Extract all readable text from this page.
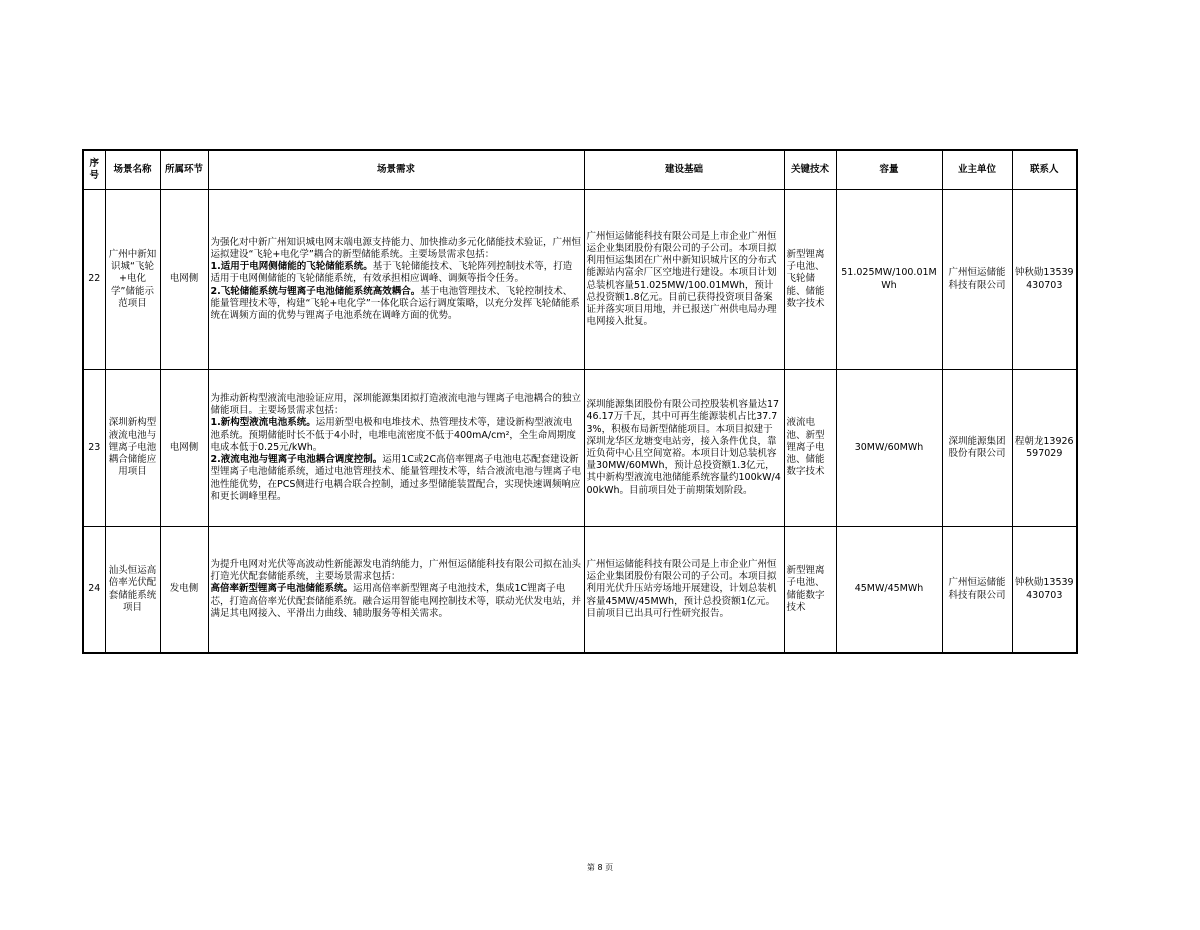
序号	场景名称	所属环节	场景需求	建设基础	关键技术	容量	业主单位	联系人
22	广州中新知识城“飞轮+电化学”储能示范项目	电网侧	为强化对中新广州知识城电网末端电源支持能力、加快推动多元化储能技术验证，广州恒运拟建设“飞轮+电化学”耦合的新型储能系统。主要场景需求包括：

1.适用于电网侧储能的飞轮储能系统。基于飞轮储能技术、飞轮阵列控制技术等，打造适用于电网侧储能的飞轮储能系统，有效承担相应调峰、调频等指令任务。

2.飞轮储能系统与锂离子电池储能系统高效耦合。基于电池管理技术、飞轮控制技术、能量管理技术等，构建“飞轮+电化学”一体化联合运行调度策略，以充分发挥飞轮储能系统在调频方面的优势与锂离子电池系统在调峰方面的优势。	广州恒运储能科技有限公司是上市企业广州恒运企业集团股份有限公司的子公司。本项目拟利用恒运集团在广州中新知识城片区的分布式能源站内富余厂区空地进行建设。本项目计划总装机容量51.025MW/100.01MWh，预计总投资额1.8亿元。目前已获得投资项目备案证并落实项目用地，并已报送广州供电局办理电网接入批复。	新型锂离子电池、飞轮储能、储能数字技术	51.025MW/100.01MWh	广州恒运储能科技有限公司	钟秋勋13539430703
23	深圳新构型液流电池与锂离子电池耦合储能应用项目	电网侧	为推动新构型液流电池验证应用，深圳能源集团拟打造液流电池与锂离子电池耦合的独立储能项目。主要场景需求包括：

1.新构型液流电池系统。运用新型电极和电堆技术、热管理技术等，建设新构型液流电池系统。预期储能时长不低于4小时，电堆电流密度不低于400mA/cm²，全生命周期度电成本低于0.25元/kWh。

2.液流电池与锂离子电池耦合调度控制。运用1C或2C高倍率锂离子电池电芯配套建设新型锂离子电池储能系统，通过电池管理技术、能量管理技术等，结合液流电池与锂离子电池性能优势，在PCS侧进行电耦合联合控制，通过多型储能装置配合，实现快速调频响应和更长调峰里程。	深圳能源集团股份有限公司控股装机容量达1746.17万千瓦，其中可再生能源装机占比37.73%，积极布局新型储能项目。本项目拟建于深圳龙华区龙塘变电站旁，接入条件优良，靠近负荷中心且空间宽裕。本项目计划总装机容量30MW/60MWh，预计总投资额1.3亿元，其中新构型液流电池储能系统容量约100kW/400kWh。目前项目处于前期策划阶段。	液流电池、新型锂离子电池、储能数字技术	30MW/60MWh	深圳能源集团股份有限公司	程朝龙13926597029
24	汕头恒运高倍率光伏配套储能系统项目	发电侧	为提升电网对光伏等高波动性新能源发电消纳能力，广州恒运储能科技有限公司拟在汕头打造光伏配套储能系统，主要场景需求包括：

高倍率新型锂离子电池储能系统。运用高倍率新型锂离子电池技术，集成1C锂离子电芯，打造高倍率光伏配套储能系统。融合运用智能电网控制技术等，联动光伏发电站，并满足其电网接入、平滑出力曲线、辅助服务等相关需求。	广州恒运储能科技有限公司是上市企业广州恒运企业集团股份有限公司的子公司。本项目拟利用光伏升压站旁场地开展建设，计划总装机容量45MW/45MWh，预计总投资额1亿元。目前项目已出具可行性研究报告。	新型锂离子电池、储能数字技术	45MW/45MWh	广州恒运储能科技有限公司	钟秋勋13539430703
第 8 页
